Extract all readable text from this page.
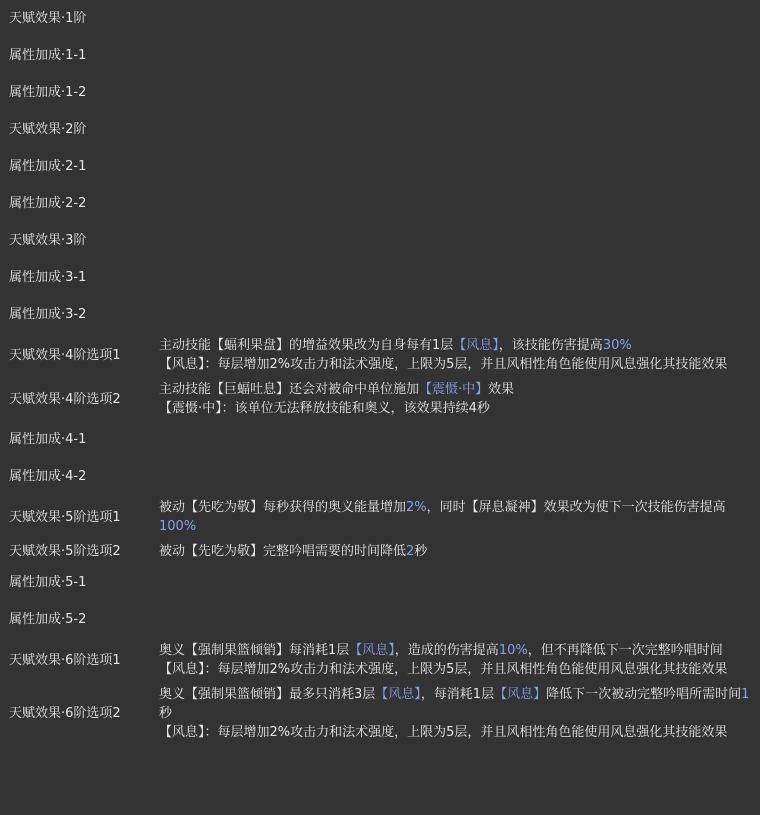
天赋效果·1阶	
属性加成·1-1	
属性加成·1-2	
天赋效果·2阶	
属性加成·2-1	
属性加成·2-2	
天赋效果·3阶	
属性加成·3-1	
属性加成·3-2	
天赋效果·4阶选项1	主动技能【蝠利果盘】的增益效果改为自身每有1层【风息】，该技能伤害提高30%
【风息】：每层增加2%攻击力和法术强度，上限为5层，并且风相性角色能使用风息强化其技能效果

天赋效果·4阶选项2	主动技能【巨蝠吐息】还会对被命中单位施加【震慑·中】效果
【震慑·中】：该单位无法释放技能和奥义，该效果持续4秒

属性加成·4-1	
属性加成·4-2	
天赋效果·5阶选项1	被动【先吃为敬】每秒获得的奥义能量增加2%，同时【屏息凝神】效果改为使下一次技能伤害提高100%

天赋效果·5阶选项2	被动【先吃为敬】完整吟唱需要的时间降低2秒

属性加成·5-1	
属性加成·5-2	
天赋效果·6阶选项1	奥义【强制果篮倾销】每消耗1层【风息】，造成的伤害提高10%，但不再降低下一次完整吟唱时间
【风息】：每层增加2%攻击力和法术强度，上限为5层，并且风相性角色能使用风息强化其技能效果

天赋效果·6阶选项2	奥义【强制果篮倾销】最多只消耗3层【风息】，每消耗1层【风息】降低下一次被动完整吟唱所需时间1秒
【风息】：每层增加2%攻击力和法术强度，上限为5层，并且风相性角色能使用风息强化其技能效果
